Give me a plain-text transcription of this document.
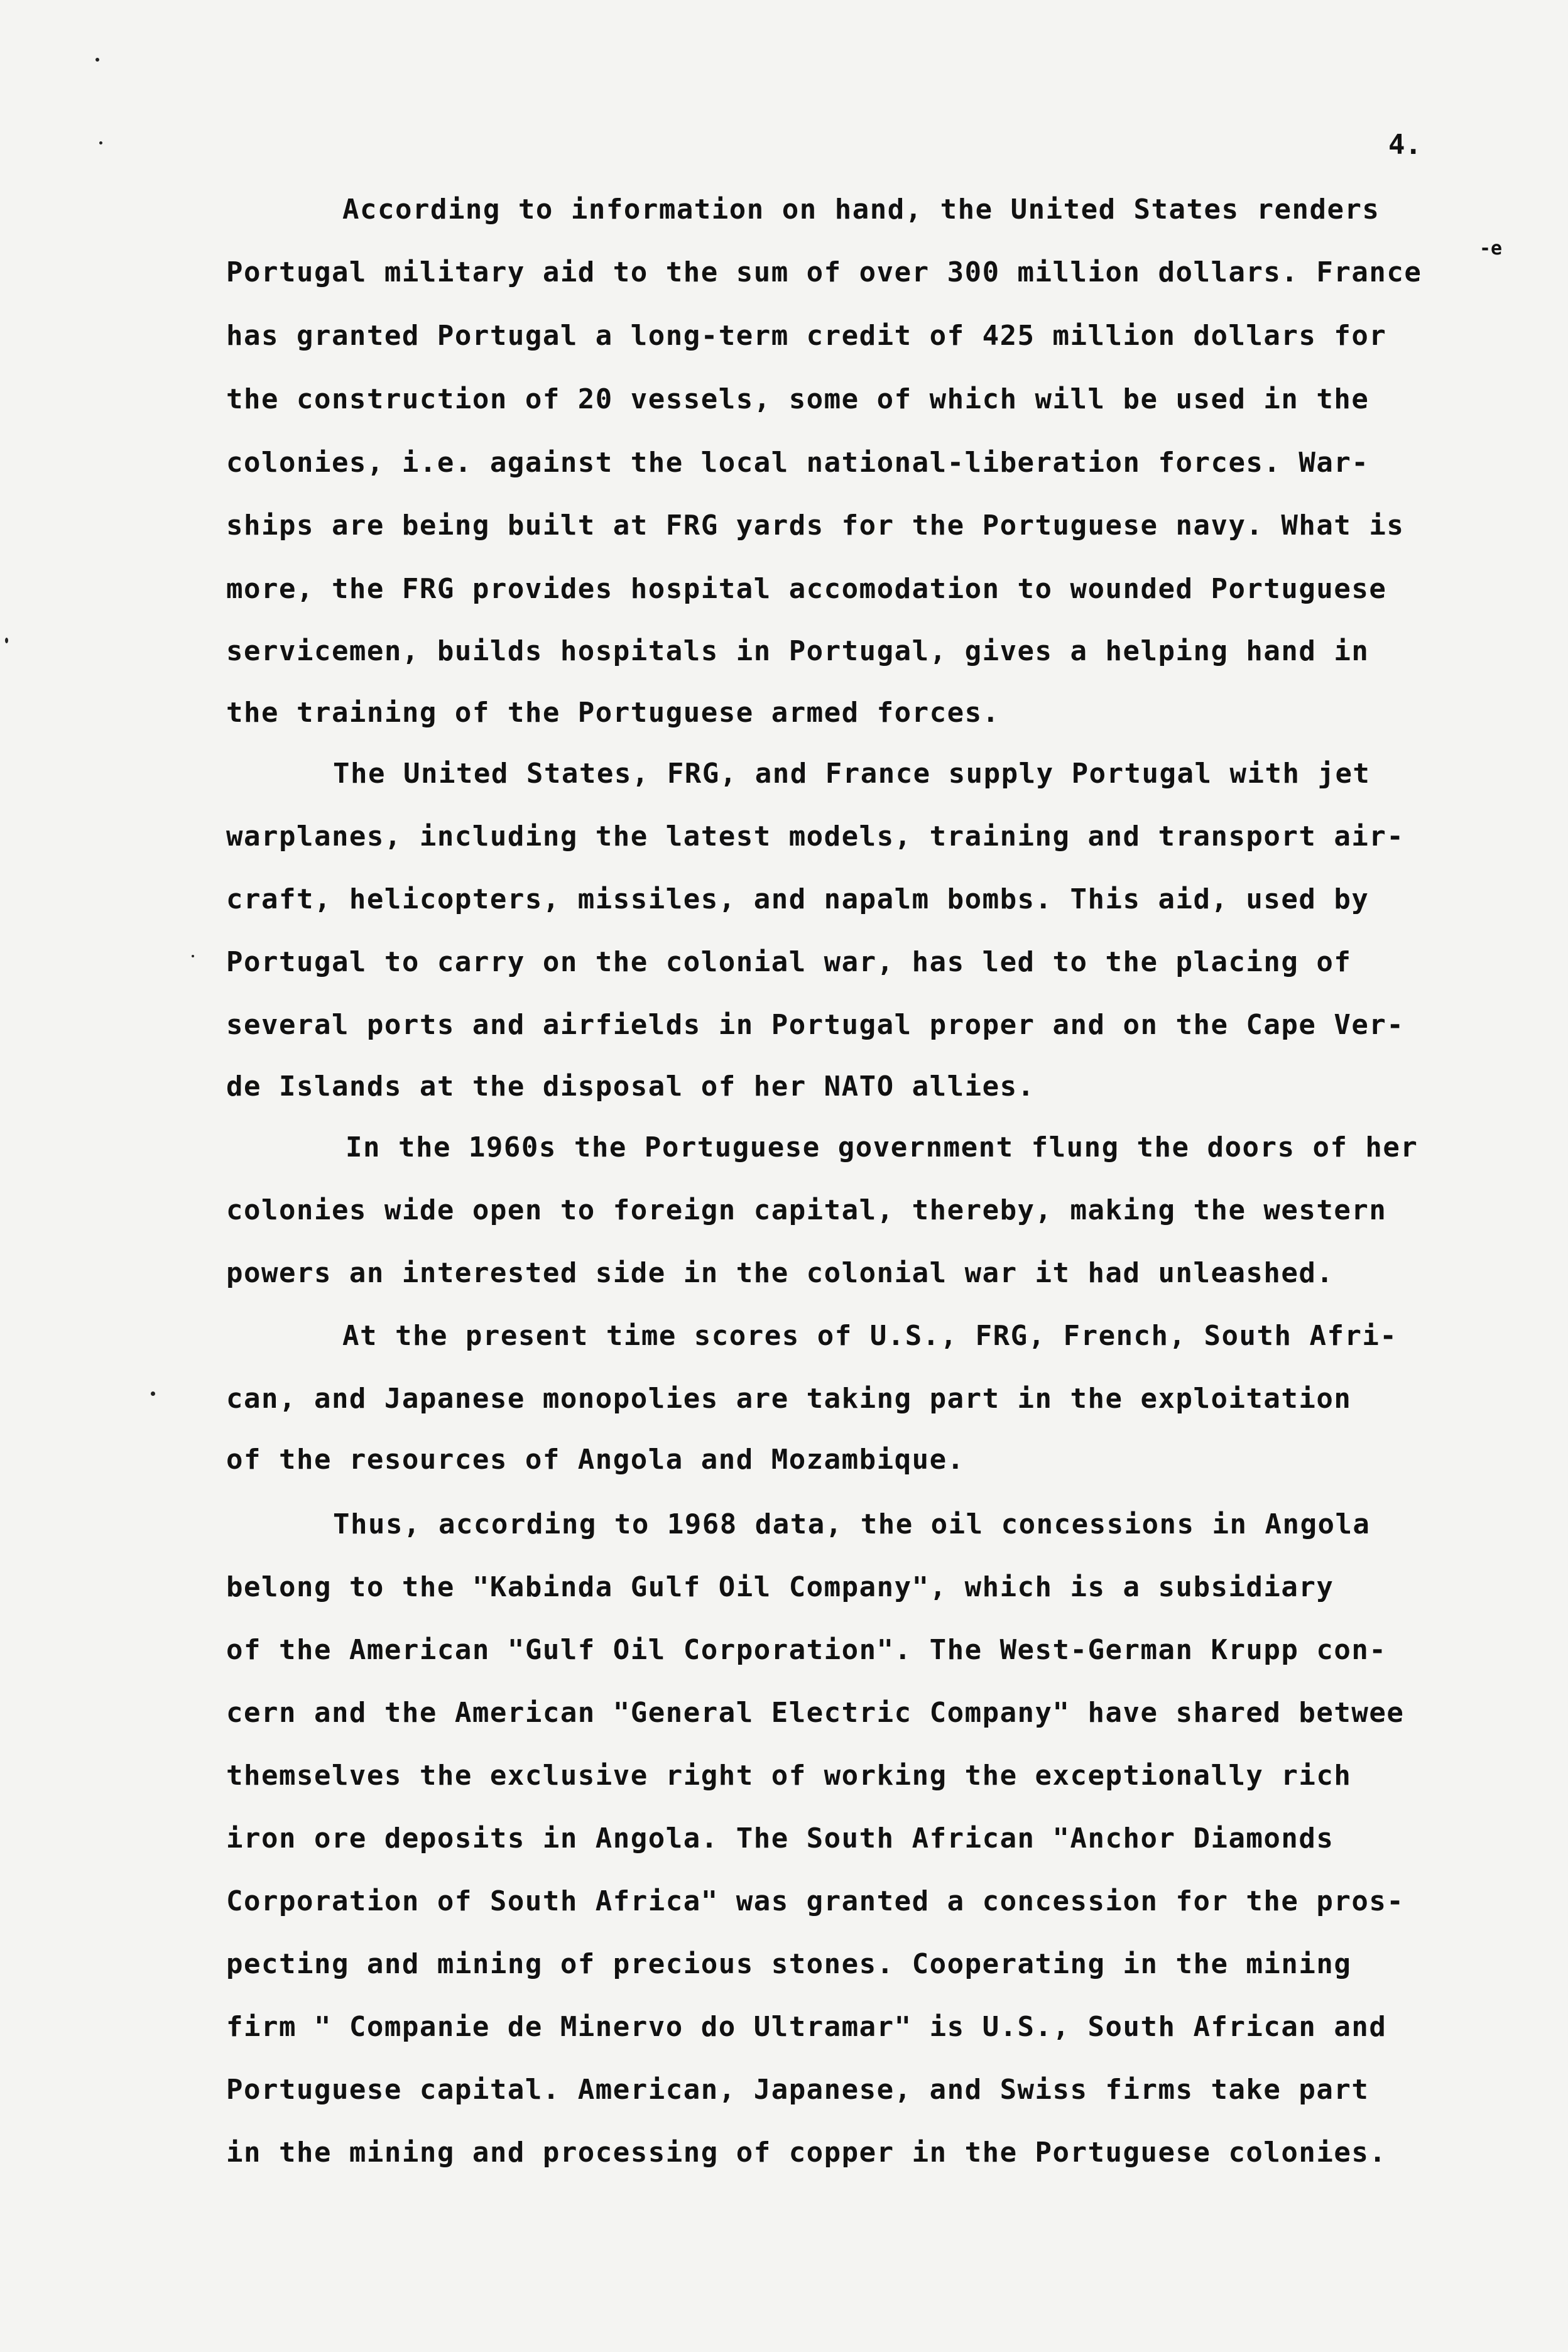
4.
-e
According to information on hand, the United States renders
Portugal military aid to the sum of over 300 million dollars. France
has granted Portugal a long-term credit of 425 million dollars for
the construction of 20 vessels, some of which will be used in the
colonies, i.e. against the local national-liberation forces. War-
ships are being built at FRG yards for the Portuguese navy. What is
more, the FRG provides hospital accomodation to wounded Portuguese
servicemen, builds hospitals in Portugal, gives a helping hand in
the training of the Portuguese armed forces.
The United States, FRG, and France supply Portugal with jet
warplanes, including the latest models, training and transport air-
craft, helicopters, missiles, and napalm bombs. This aid, used by
Portugal to carry on the colonial war, has led to the placing of
several ports and airfields in Portugal proper and on the Cape Ver-
de Islands at the disposal of her NATO allies.
In the 1960s the Portuguese government flung the doors of her
colonies wide open to foreign capital, thereby, making the western
powers an interested side in the colonial war it had unleashed.
At the present time scores of U.S., FRG, French, South Afri-
can, and Japanese monopolies are taking part in the exploitation
of the resources of Angola and Mozambique.
Thus, according to 1968 data, the oil concessions in Angola
belong to the "Kabinda Gulf Oil Company", which is a subsidiary
of the American "Gulf Oil Corporation". The West-German Krupp con-
cern and the American "General Electric Company" have shared betwee
themselves the exclusive right of working the exceptionally rich
iron ore deposits in Angola. The South African "Anchor Diamonds
Corporation of South Africa" was granted a concession for the pros-
pecting and mining of precious stones. Cooperating in the mining
firm " Companie de Minervo do Ultramar" is U.S., South African and
Portuguese capital. American, Japanese, and Swiss firms take part
in the mining and processing of copper in the Portuguese colonies.
